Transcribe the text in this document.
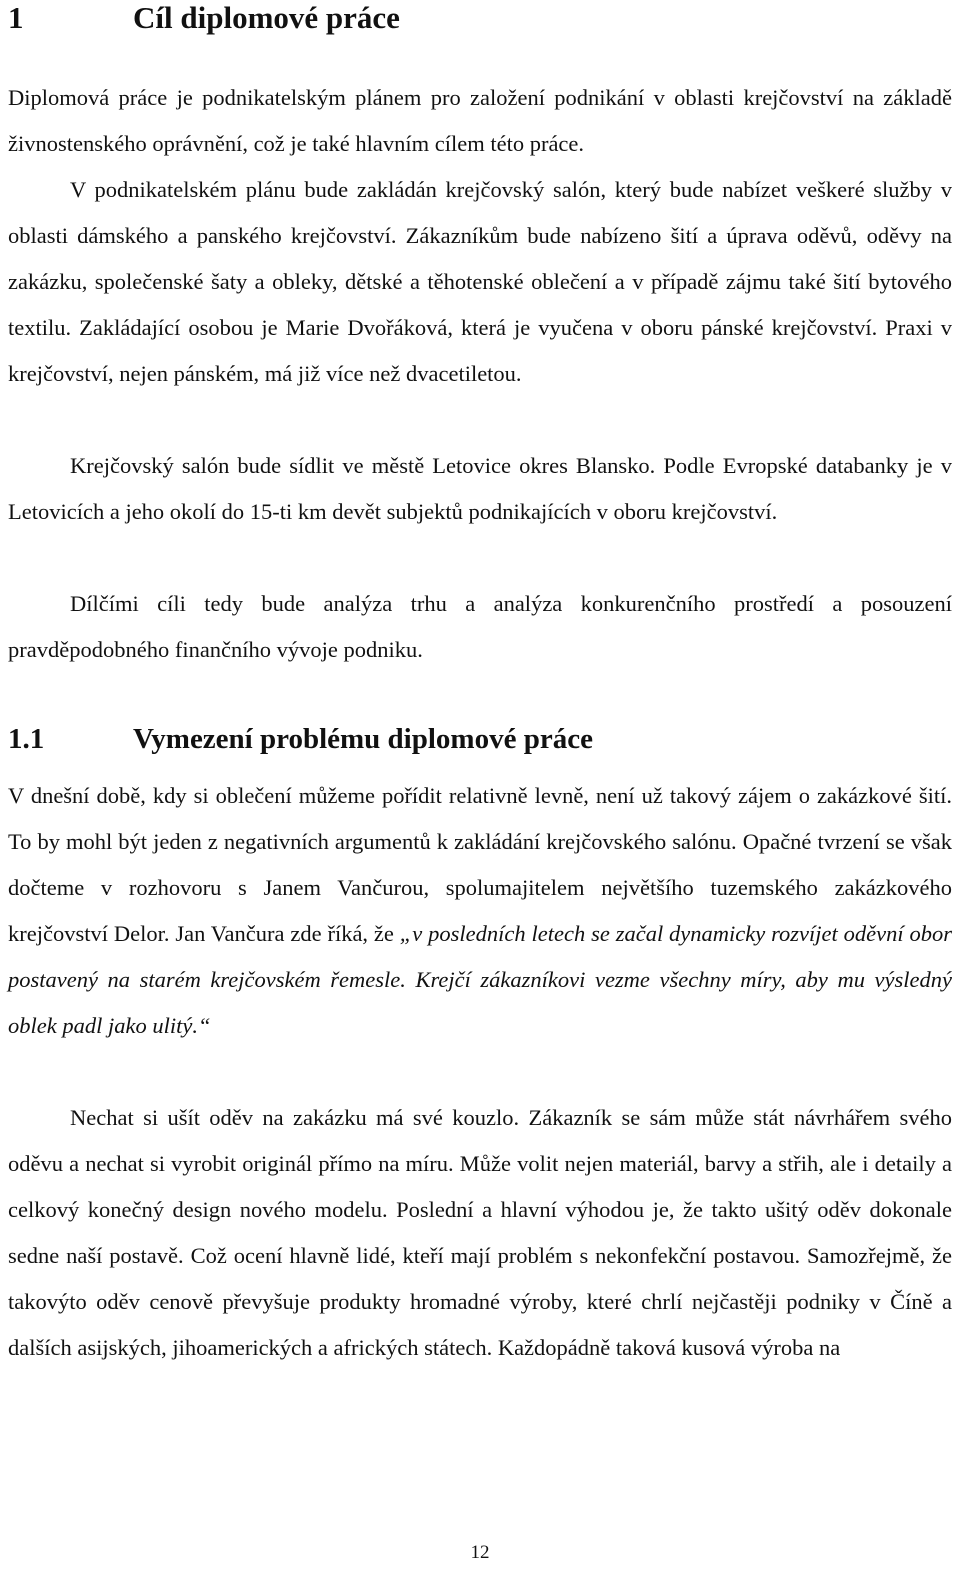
1	Cíl diplomové práce

Diplomová práce je podnikatelským plánem pro založení podnikání v oblasti krejčovství na základě živnostenského oprávnění, což je také hlavním cílem této práce.

V podnikatelském plánu bude zakládán krejčovský salón, který bude nabízet veškeré služby v oblasti dámského a panského krejčovství. Zákazníkům bude nabízeno šití a úprava oděvů, oděvy na zakázku, společenské šaty a obleky, dětské a těhotenské oblečení a v případě zájmu také šití bytového textilu. Zakládající osobou je Marie Dvořáková, která je vyučena v oboru pánské krejčovství. Praxi v krejčovství, nejen pánském, má již více než dvacetiletou.

Krejčovský salón bude sídlit ve městě Letovice okres Blansko. Podle Evropské databanky je v Letovicích a jeho okolí do 15-ti km devět subjektů podnikajících v oboru krejčovství.

Dílčími cíli tedy bude analýza trhu a analýza konkurenčního prostředí a posouzení pravděpodobného finančního vývoje podniku.

1.1	Vymezení problému diplomové práce

V dnešní době, kdy si oblečení můžeme pořídit relativně levně, není už takový zájem o zakázkové šití. To by mohl být jeden z negativních argumentů k zakládání krejčovského salónu. Opačné tvrzení se však dočteme v rozhovoru s Janem Vančurou, spolumajitelem největšího tuzemského zakázkového krejčovství Delor. Jan Vančura zde říká, že „v posledních letech se začal dynamicky rozvíjet oděvní obor postavený na starém krejčovském řemesle. Krejčí zákazníkovi vezme všechny míry, aby mu výsledný oblek padl jako ulitý.“

Nechat si ušít oděv na zakázku má své kouzlo. Zákazník se sám může stát návrhářem svého oděvu a nechat si vyrobit originál přímo na míru. Může volit nejen materiál, barvy a střih, ale i detaily a celkový konečný design nového modelu. Poslední a hlavní výhodou je, že takto ušitý oděv dokonale sedne naší postavě. Což ocení hlavně lidé, kteří mají problém s nekonfekční postavou. Samozřejmě, že takovýto oděv cenově převyšuje produkty hromadné výroby, které chrlí nejčastěji podniky v Číně a dalších asijských, jihoamerických a afrických státech. Každopádně taková kusová výroba na

12
